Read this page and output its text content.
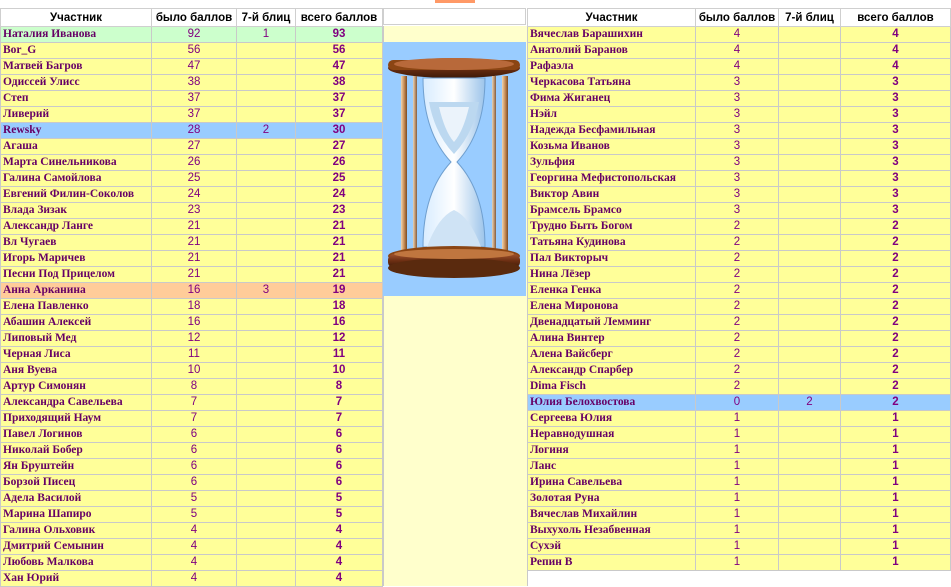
Участник	было баллов	7-й блиц	всего баллов
Наталия Иванова	92	1	93
Bor_G	56		56
Матвей Багров	47		47
Одиссей Улисс	38		38
Степ	37		37
Ливерий	37		37
Rewsky	28	2	30
Агаша	27		27
Марта Синельникова	26		26
Галина Самойлова	25		25
Евгений Филин-Соколов	24		24
Влада Зизак	23		23
Александр Ланге	21		21
Вл Чугаев	21		21
Игорь Маричев	21		21
Песни Под Прицелом	21		21
Анна Арканина	16	3	19
Елена Павленко	18		18
Абашин Алексей	16		16
Липовый Мед	12		12
Черная Лиса	11		11
Аня Вуева	10		10
Артур Симонян	8		8
Александра Савельева	7		7
Приходящий Наум	7		7
Павел Логинов	6		6
Николай Бобер	6		6
Ян Бруштейн	6		6
Борзой Писец	6		6
Адела Василой	5		5
Марина Шапиро	5		5
Галина Ольховик	4		4
Дмитрий Семынин	4		4
Любовь Малкова	4		4
Хан Юрий	4		4
Участник	было баллов	7-й блиц	всего баллов
Вячеслав Барашихин	4		4
Анатолий Баранов	4		4
Рафаэла	4		4
Черкасова Татьяна	3		3
Фима Жиганец	3		3
Нэйл	3		3
Надежда Бесфамильная	3		3
Козьма Иванов	3		3
Зульфия	3		3
Георгина Мефистопольская	3		3
Виктор Авин	3		3
Брамсель Брамсо	3		3
Трудно Быть Богом	2		2
Татьяна Кудинова	2		2
Пал Викторыч	2		2
Нина Лёзер	2		2
Еленка Генка	2		2
Елена Миронова	2		2
Двенадцатый Лемминг	2		2
Алина Винтер	2		2
Алена Вайсберг	2		2
Александр Спарбер	2		2
Dima Fisch	2		2
Юлия Белохвостова	0	2	2
Сергеева Юлия	1		1
Неравнодушная	1		1
Логиня	1		1
Ланс	1		1
Ирина Савельева	1		1
Золотая Руна	1		1
Вячеслав Михайлин	1		1
Выхухоль Незабвенная	1		1
Сухэй	1		1
Репин В	1		1
